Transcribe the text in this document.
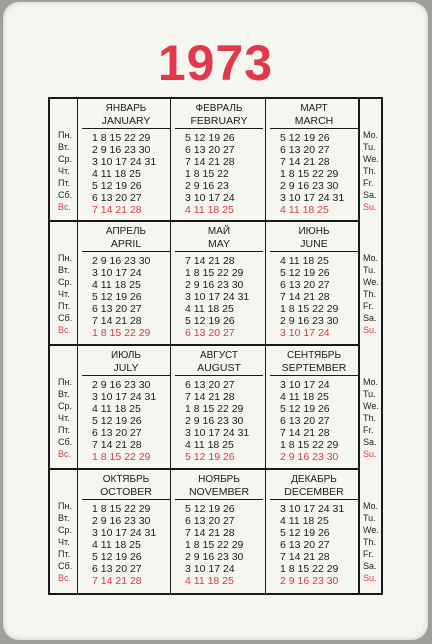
1973
Пн.
Вт.
Ср.
Чт.
Пт.
Сб.
Вс.
Mo.
Tu.
We.
Th.
Fr.
Sa.
Su.
ЯНВАРЬ
JANUARY
1 8 15 22 29
2 9 16 23 30
3 10 17 24 31
4 11 18 25
5 12 19 26
6 13 20 27
7 14 21 28
ФЕВРАЛЬ
FEBRUARY
5 12 19 26
6 13 20 27
7 14 21 28
1 8 15 22
2 9 16 23
3 10 17 24
4 11 18 25
МАРТ
MARCH
5 12 19 26
6 13 20 27
7 14 21 28
1 8 15 22 29
2 9 16 23 30
3 10 17 24 31
4 11 18 25
Пн.
Вт.
Ср.
Чт.
Пт.
Сб.
Вс.
Mo.
Tu.
We.
Th.
Fr.
Sa.
Su.
АПРЕЛЬ
APRIL
2 9 16 23 30
3 10 17 24
4 11 18 25
5 12 19 26
6 13 20 27
7 14 21 28
1 8 15 22 29
МАЙ
MAY
7 14 21 28
1 8 15 22 29
2 9 16 23 30
3 10 17 24 31
4 11 18 25
5 12 19 26
6 13 20 27
ИЮНЬ
JUNE
4 11 18 25
5 12 19 26
6 13 20 27
7 14 21 28
1 8 15 22 29
2 9 16 23 30
3 10 17 24
Пн.
Вт.
Ср.
Чт.
Пт.
Сб.
Вс.
Mo.
Tu.
We.
Th.
Fr.
Sa.
Su.
ИЮЛЬ
JULY
2 9 16 23 30
3 10 17 24 31
4 11 18 25
5 12 19 26
6 13 20 27
7 14 21 28
1 8 15 22 29
АВГУСТ
AUGUST
6 13 20 27
7 14 21 28
1 8 15 22 29
2 9 16 23 30
3 10 17 24 31
4 11 18 25
5 12 19 26
СЕНТЯБРЬ
SEPTEMBER
3 10 17 24
4 11 18 25
5 12 19 26
6 13 20 27
7 14 21 28
1 8 15 22 29
2 9 16 23 30
Пн.
Вт.
Ср.
Чт.
Пт.
Сб.
Вс.
Mo.
Tu.
We.
Th.
Fr.
Sa.
Su.
ОКТЯБРЬ
OCTOBER
1 8 15 22 29
2 9 16 23 30
3 10 17 24 31
4 11 18 25
5 12 19 26
6 13 20 27
7 14 21 28
НОЯБРЬ
NOVEMBER
5 12 19 26
6 13 20 27
7 14 21 28
1 8 15 22 29
2 9 16 23 30
3 10 17 24
4 11 18 25
ДЕКАБРЬ
DECEMBER
3 10 17 24 31
4 11 18 25
5 12 19 26
6 13 20 27
7 14 21 28
1 8 15 22 29
2 9 16 23 30
